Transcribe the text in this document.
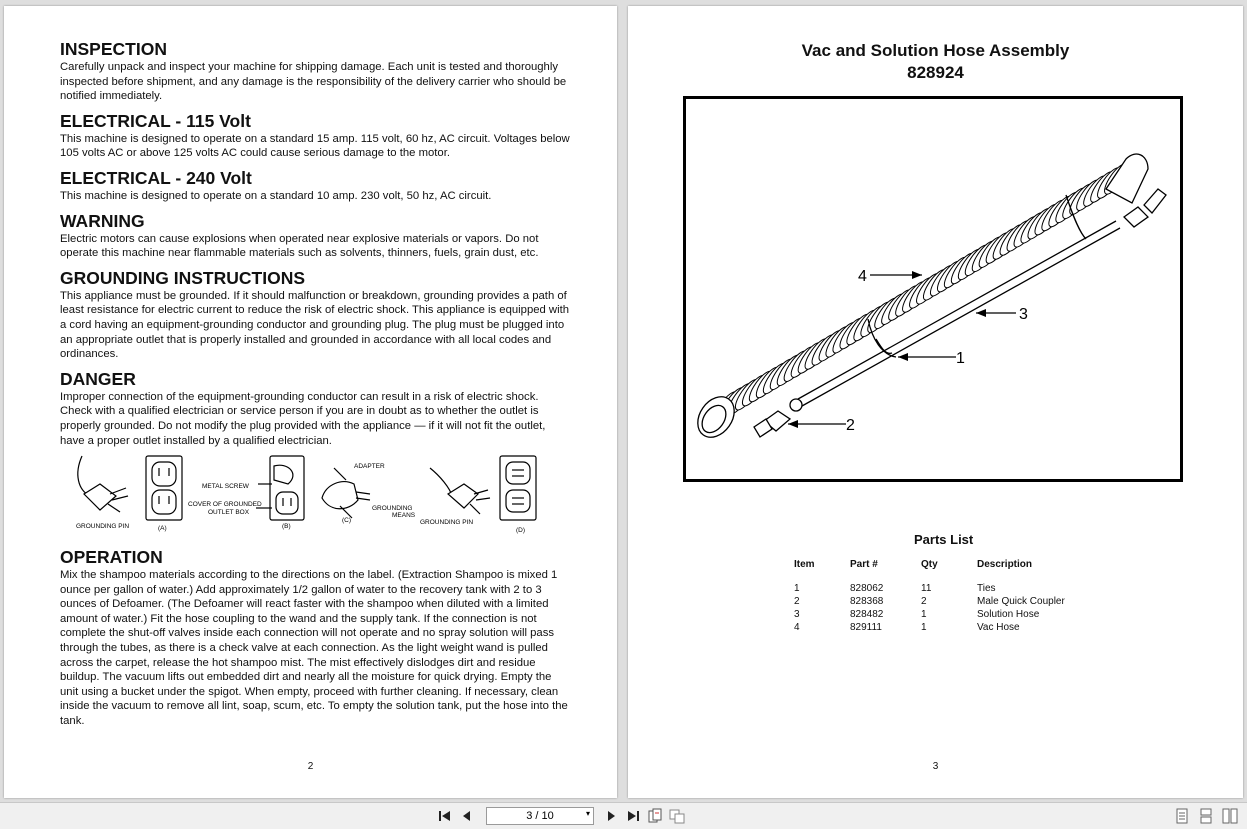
INSPECTION

Carefully unpack and inspect your machine for shipping damage. Each unit is tested and thoroughly inspected before shipment, and any damage is the responsibility of the delivery carrier who should be notified immediately.

ELECTRICAL - 115 Volt

This machine is designed to operate on a standard 15 amp. 115 volt, 60 hz, AC circuit. Voltages below 105 volts AC or above 125 volts AC could cause serious damage to the motor.

ELECTRICAL - 240 Volt

This machine is designed to operate on a standard 10 amp. 230 volt, 50 hz, AC circuit.

WARNING

Electric motors can cause explosions when operated near explosive materials or vapors. Do not operate this machine near flammable materials such as solvents, thinners, fuels, grain dust, etc.

GROUNDING INSTRUCTIONS

This appliance must be grounded. If it should malfunction or breakdown, grounding provides a path of least resistance for electric current to reduce the risk of electric shock. This appliance is equipped with a cord having an equipment-grounding conductor and grounding plug. The plug must be plugged into an appropriate outlet that is properly installed and grounded in accordance with all local codes and ordinances.

DANGER

Improper connection of the equipment-grounding conductor can result in a risk of electric shock. Check with a qualified electrician or service person if you are in doubt as to whether the outlet is properly grounded. Do not modify the plug provided with the appliance — if it will not fit the outlet, have a proper outlet installed by a qualified electrician.

GROUNDING PIN	(A)
METAL SCREW
COVER OF GROUNDED
OUTLET BOX
(B)
ADAPTER
GROUNDING
MEANS
(C)	GROUNDING PIN
(D)
OPERATION

Mix the shampoo materials according to the directions on the label. (Extraction Shampoo is mixed 1 ounce per gallon of water.) Add approximately 1/2 gallon of water to the recovery tank with 2 to 3 ounces of Defoamer. (The Defoamer will react faster with the shampoo when diluted with a limited amount of water.) Fit the hose coupling to the wand and the supply tank. If the connection is not complete the shut-off valves inside each connection will not operate and no spray solution will pass through the tubes, as there is a check valve at each connection. As the light weight wand is pulled across the carpet, release the hot shampoo mist. The mist effectively dislodges dirt and residue buildup. The vacuum lifts out embedded dirt and nearly all the moisture for quick drying. Empty the unit using a bucket under the spigot. When empty, proceed with further cleaning. If necessary, clean inside the vacuum to remove all lint, soap, scum, etc. To empty the solution tank, put the hose into the tank.

2
Vac and Solution Hose Assembly
828924
4
3
1
2
Parts List
Item	Part #	Qty	Description
1	828062	11	Ties
2	828368	2	Male Quick Coupler
3	828482	1	Solution Hose
4	829111	1	Vac Hose
3
3 / 10	▾
